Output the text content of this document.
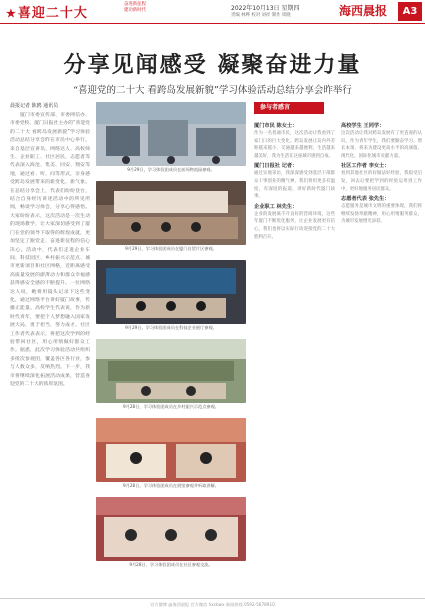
★喜迎二十大
奋进新征程
建功新时代	2022年10月13日 星期四
责编 林桦 校对 刘祥 制作 周晓	海西晨报	A3
分享见闻感受 凝聚奋进力量
“喜迎党的二十大 看跨岛发展新貌”学习体验活动总结分享会昨举行
晨报记者 陈鸥 通讯员
厦门市委宣传部、市委网信办、市委党校、厦门日报社主办的“喜迎党的二十大 看跨岛发展新貌”学习体验活动总结分享会昨在市民中心举行。来自基层宣讲员、网络达人、高校师生、企业职工、社区居民、志愿者等代表深入海沧、集美、同安、翔安等地，通过看、听、问等形式，亲身感受跨岛发展带来的新变化、新气象。在总结分享会上，代表们纷纷登台，结合自身经历讲述活动中的所见所闻，畅谈学习体会，分享心得感悟。大家纷纷表示，这次活动是一次生动的现场教学，让大家深切感受到了厦门在党的领导下取得的辉煌成就，更加坚定了跟党走、奋进新征程的信心决心。活动中，代表们走进企业车间、科技园区、乡村振兴示范点、城市更新项目和社区网格，近距离感受高质量发展的澎湃动力和群众幸福感获得感安全感的不断提升。一位网络达人说，她将用镜头记录下这些变化，通过网络平台讲好厦门故事，传播正能量。高校学生代表说，作为新时代青年，要把个人梦想融入国家发展大局，勇于担当，努力成才。社区工作者代表表示，将把这次学到的经验带回社区，用心用情做好群众工作。据悉，此次学习体验活动共组织多批次参观团，覆盖各区各行业，参与人数众多，反响热烈。下一步，我市将继续深化拓展活动成果，营造喜迎党的二十大的浓厚氛围。
9月29日，学习体验团成员在前场物流园参观。
9月29日，学习体验团成员在厦门自贸片区参观。
9月29日，学习体验团成员在科技企业展厅参观。
9月28日，学习体验团成员在乡村振兴示范点参观。
9月28日，学习体验团成员在展馆参观并听取讲解。
9月28日，学习体验团成员在社区参观交流。
参与者感言
厦门市民 陈女士：
作为一名普通市民，这次活动让我看到了家门口的巨大变化。跨岛发展让岛内外差距越来越小，交通越来越便利，生活越来越美好，我为生活在这座城市感到自豪。
厦门日报社 记者：
通过实地采访，我深深感受到基层干部群众干事创业的精气神，我们将用更多有温度、有深度的报道，讲好新时代厦门故事。
企业职工 林先生：
企业的发展离不开良好的营商环境，这些年厦门不断优化服务，让企业发展更有信心，我们也将以实际行动迎接党的二十大胜利召开。
高校学生 王同学：
这次活动让我对跨岛发展有了更直观的认识，作为青年学生，我们要勤奋学习、增长本领，将来为建设更高水平的高颜值、现代化、国际化城市贡献力量。
社区工作者 李女士：
看到其他社区的好做法好经验，我很受启发，回去后要把学到的经验运用到工作中，更好地服务居民群众。
志愿者代表 张先生：
志愿服务是城市文明的重要体现，我们将继续发扬奉献精神，用心用情服务群众，为城市发展增光添彩。
官方微博 @海西晨报 官方微信 hxcbwx 新闻热线 0592-5678910
